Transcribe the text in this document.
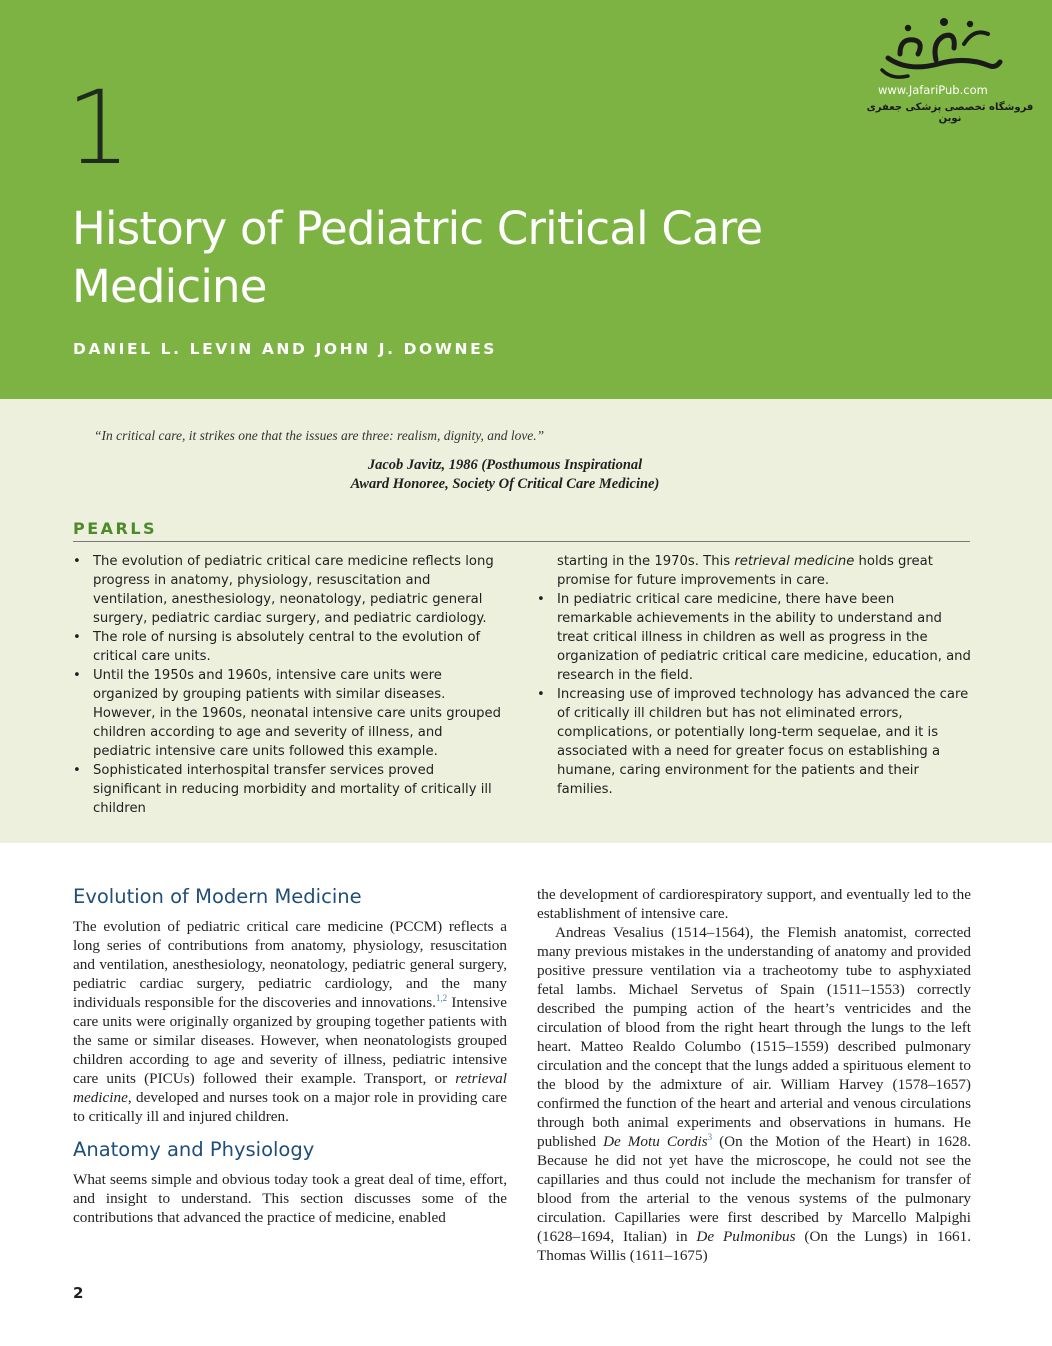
1
History of Pediatric Critical Care
Medicine
DANIEL L. LEVIN AND JOHN J. DOWNES
www.JafariPub.com
فروشگاه تخصصی پزشکی جعفری نوین
“In critical care, it strikes one that the issues are three: realism, dignity, and love.”
Jacob Javitz, 1986 (Posthumous Inspirational
Award Honoree, Society Of Critical Care Medicine)
PEARLS
• The evolution of pediatric critical care medicine reflects long progress in anatomy, physiology, resuscitation and ventilation, anesthesiology, neonatology, pediatric general surgery, pediatric cardiac surgery, and pediatric cardiology.
• The role of nursing is absolutely central to the evolution of critical care units.
• Until the 1950s and 1960s, intensive care units were organized by grouping patients with similar diseases. However, in the 1960s, neonatal intensive care units grouped children according to age and severity of illness, and pediatric intensive care units followed this example.
• Sophisticated interhospital transfer services proved significant in reducing morbidity and mortality of critically ill children
starting in the 1970s. This retrieval medicine holds great promise for future improvements in care.
• In pediatric critical care medicine, there have been remarkable achievements in the ability to understand and treat critical illness in children as well as progress in the organization of pediatric critical care medicine, education, and research in the field.
• Increasing use of improved technology has advanced the care of critically ill children but has not eliminated errors, complications, or potentially long-term sequelae, and it is associated with a need for greater focus on establishing a humane, caring environment for the patients and their families.
Evolution of Modern Medicine

The evolution of pediatric critical care medicine (PCCM) reflects a long series of contributions from anatomy, physiology, resuscitation and ventilation, anesthesiology, neonatology, pediatric general surgery, pediatric cardiac surgery, pediatric cardiology, and the many individuals responsible for the discoveries and innovations.$^{1,2}$ Intensive care units were originally organized by grouping together patients with the same or similar diseases. However, when neonatologists grouped children according to age and severity of illness, pediatric intensive care units (PICUs) followed their example. Transport, or retrieval medicine, developed and nurses took on a major role in providing care to critically ill and injured children.

Anatomy and Physiology

What seems simple and obvious today took a great deal of time, effort, and insight to understand. This section discusses some of the contributions that advanced the practice of medicine, enabled

the development of cardiorespiratory support, and eventually led to the establishment of intensive care.

Andreas Vesalius (1514–1564), the Flemish anatomist, corrected many previous mistakes in the understanding of anatomy and provided positive pressure ventilation via a tracheotomy tube to asphyxiated fetal lambs. Michael Servetus of Spain (1511–1553) correctly described the pumping action of the heart’s ventricides and the circulation of blood from the right heart through the lungs to the left heart. Matteo Realdo Columbo (1515–1559) described pulmonary circulation and the concept that the lungs added a spirituous element to the blood by the admixture of air. William Harvey (1578–1657) confirmed the function of the heart and arterial and venous circulations through both animal experiments and observations in humans. He published De Motu Cordis$^3$ (On the Motion of the Heart) in 1628. Because he did not yet have the microscope, he could not see the capillaries and thus could not include the mechanism for transfer of blood from the arterial to the venous systems of the pulmonary circulation. Capillaries were first described by Marcello Malpighi (1628–1694, Italian) in De Pulmonibus (On the Lungs) in 1661. Thomas Willis (1611–1675)

2
